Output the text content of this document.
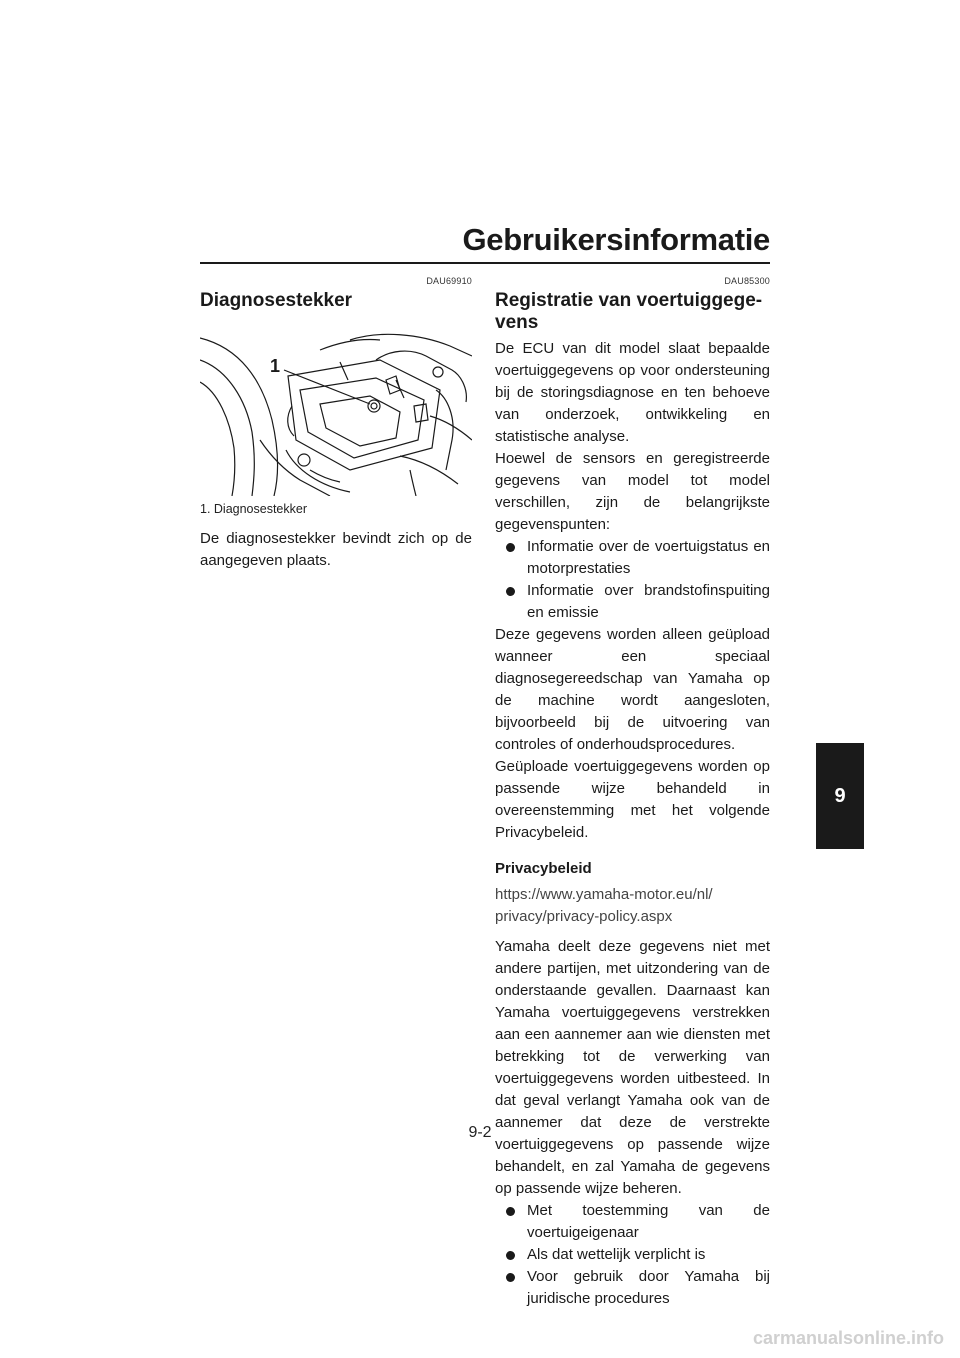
Gebruikersinformatie
DAU69910
Diagnosestekker
1
1. Diagnosestekker

De diagnosestekker bevindt zich op de aangegeven plaats.

DAU85300
Registratie van voertuiggege-
vens

De ECU van dit model slaat bepaalde voertuiggegevens op voor ondersteuning bij de storingsdiagnose en ten behoeve van onderzoek, ontwikkeling en statistische analyse.

Hoewel de sensors en geregistreerde gegevens van model tot model verschillen, zijn de belangrijkste gegevenspunten:

Informatie over de voertuigstatus en motorprestaties
Informatie over brandstofinspuiting en emissie

Deze gegevens worden alleen geüpload wanneer een speciaal diagnosegereedschap van Yamaha op de machine wordt aangesloten, bijvoorbeeld bij de uitvoering van controles of onderhoudsprocedures.

Geüploade voertuiggegevens worden op passende wijze behandeld in overeenstemming met het volgende Privacybeleid.

Privacybeleid
https://www.yamaha-motor.eu/nl/
privacy/privacy-policy.aspx

Yamaha deelt deze gegevens niet met andere partijen, met uitzondering van de onderstaande gevallen. Daarnaast kan Yamaha voertuiggegevens verstrekken aan een aannemer aan wie diensten met betrekking tot de verwerking van voertuiggegevens worden uitbesteed. In dat geval verlangt Yamaha ook van de aannemer dat deze de verstrekte voertuiggegevens op passende wijze behandelt, en zal Yamaha de gegevens op passende wijze beheren.

Met toestemming van de voertuigeigenaar
Als dat wettelijk verplicht is
Voor gebruik door Yamaha bij juridische procedures
9
9-2
carmanualsonline.info
